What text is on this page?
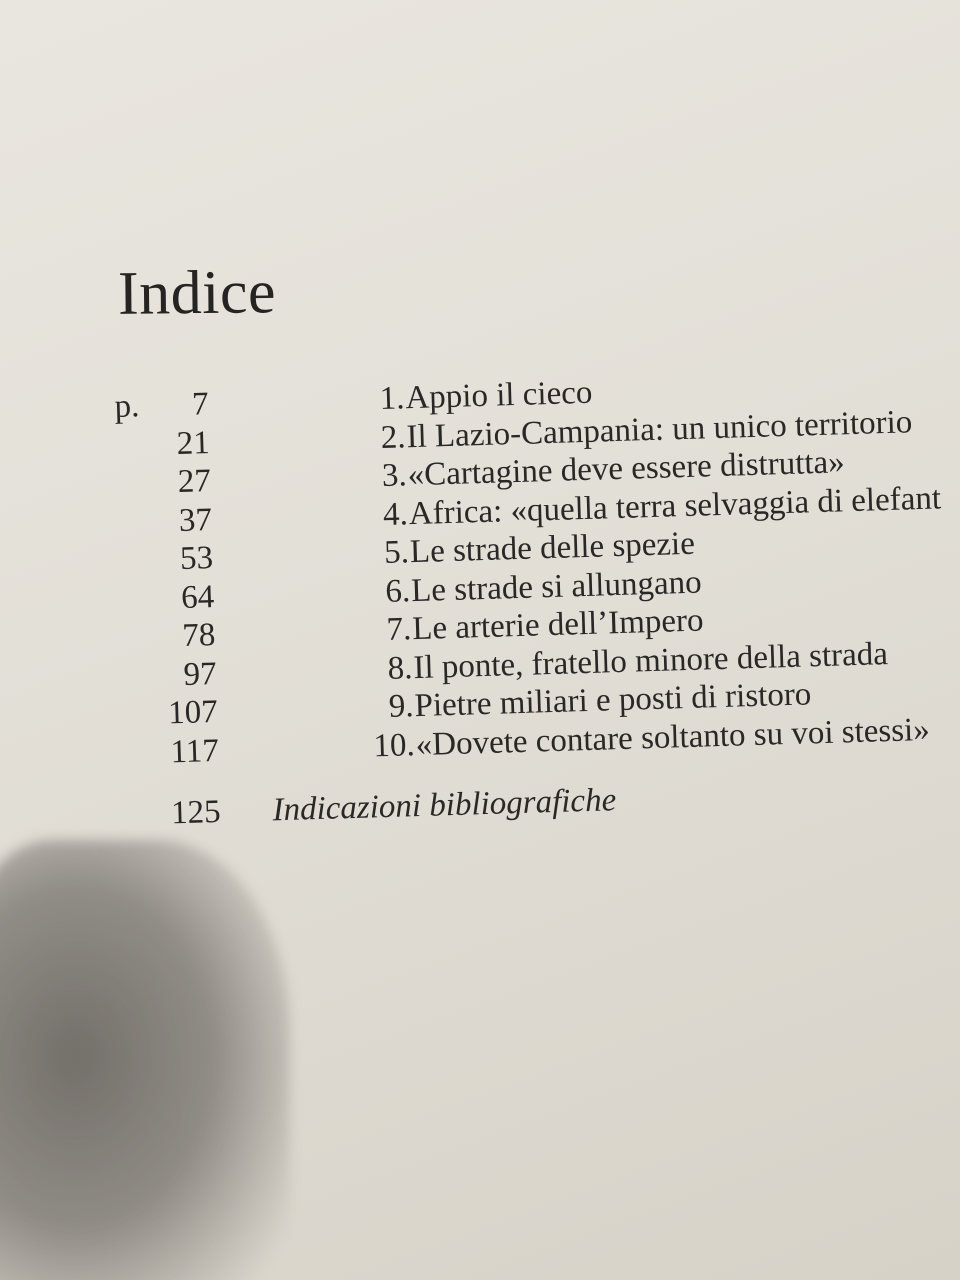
Indice
p. 7	1. Appio il cieco
21	2. Il Lazio-Campania: un unico territorio
27	3. «Cartagine deve essere distrutta»
37	4. Africa: «quella terra selvaggia di elefant
53	5. Le strade delle spezie
64	6. Le strade si allungano
78	7. Le arterie dell’Impero
97	8. Il ponte, fratello minore della strada
107	9. Pietre miliari e posti di ristoro
117	10. «Dovete contare soltanto su voi stessi»
125 Indicazioni bibliografiche
